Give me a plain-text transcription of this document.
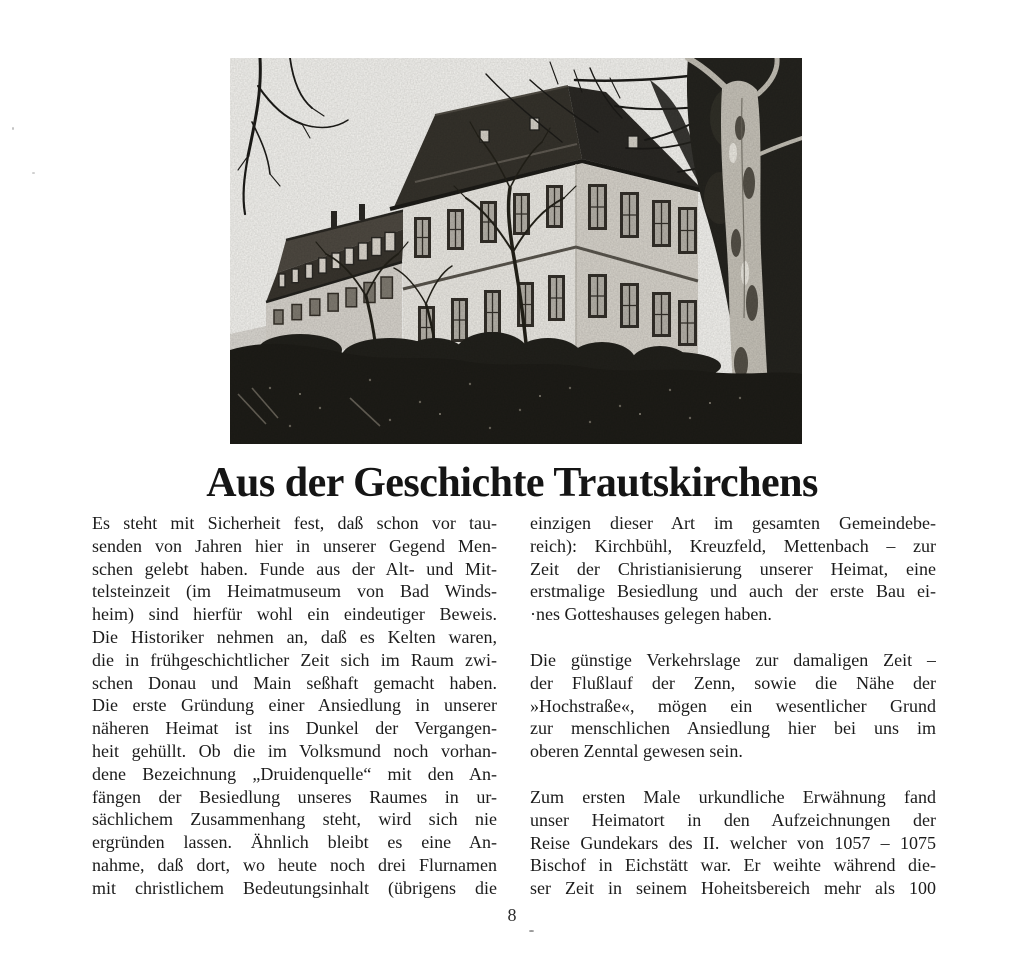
Aus der Geschichte Trautskirchens
Es steht mit Sicherheit fest, daß schon vor tau-
senden von Jahren hier in unserer Gegend Men-
schen gelebt haben. Funde aus der Alt- und Mit-
telsteinzeit (im Heimatmuseum von Bad Winds-
heim) sind hierfür wohl ein eindeutiger Beweis.
Die Historiker nehmen an, daß es Kelten waren,
die in frühgeschichtlicher Zeit sich im Raum zwi-
schen Donau und Main seßhaft gemacht haben.
Die erste Gründung einer Ansiedlung in unserer
näheren Heimat ist ins Dunkel der Vergangen-
heit gehüllt. Ob die im Volksmund noch vorhan-
dene Bezeichnung „Druidenquelle“ mit den An-
fängen der Besiedlung unseres Raumes in ur-
sächlichem Zusammenhang steht, wird sich nie
ergründen lassen. Ähnlich bleibt es eine An-
nahme, daß dort, wo heute noch drei Flurnamen
mit christlichem Bedeutungsinhalt (übrigens die
einzigen dieser Art im gesamten Gemeindebe-
reich): Kirchbühl, Kreuzfeld, Mettenbach – zur
Zeit der Christianisierung unserer Heimat, eine
erstmalige Besiedlung und auch der erste Bau ei-
·nes Gotteshauses gelegen haben.
Die günstige Verkehrslage zur damaligen Zeit –
der Flußlauf der Zenn, sowie die Nähe der
»Hochstraße«, mögen ein wesentlicher Grund
zur menschlichen Ansiedlung hier bei uns im
oberen Zenntal gewesen sein.
Zum ersten Male urkundliche Erwähnung fand
unser Heimatort in den Aufzeichnungen der
Reise Gundekars des II. welcher von 1057 – 1075
Bischof in Eichstätt war. Er weihte während die-
ser Zeit in seinem Hoheitsbereich mehr als 100
8
